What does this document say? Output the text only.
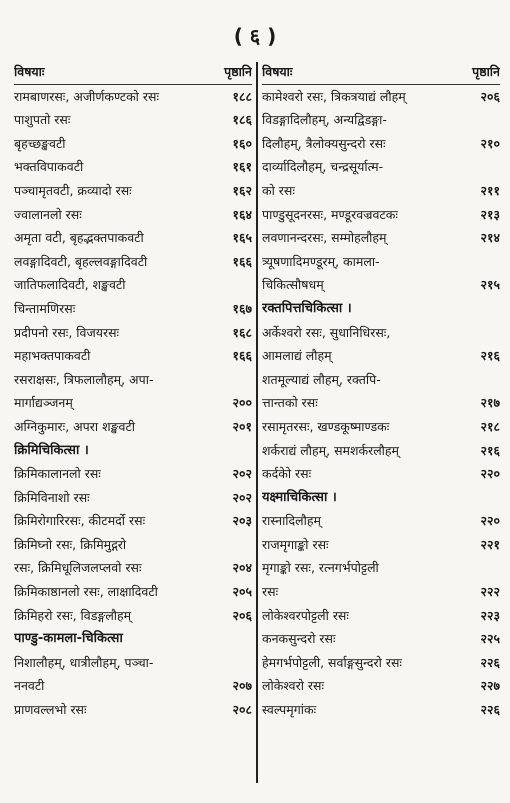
( ६ )
विषयाः	पृष्ठानि
रामबाणरसः, अजीर्णकण्टको रसः	१८८
पाशुपतो रसः	१८६
बृहच्छङ्खवटी	१६०
भक्तविपाकवटी	१६१
पञ्चामृतवटी, क्रव्यादो रसः	१६२
ज्वालानलो रसः	१६४
अमृता वटी, बृहद्भक्तपाकवटी	१६५
लवङ्गादिवटी, बृहल्लवङ्गादिवटी	१६६
जातिफलादिवटी, शङ्खवटी
चिन्तामणिरसः	१६७
प्रदीपनो रसः, विजयरसः	१६८
महाभक्तपाकवटी	१६६
रसराक्षसः, त्रिफलालौहम्, अपा-
मार्गाद्यञ्जनम्	२००
अग्निकुमारः, अपरा शङ्खवटी	२०१
क्रिमिचिकित्सा ।
क्रिमिकालानलो रसः	२०२
क्रिमिविनाशो रसः	२०२
क्रिमिरोगारिरसः, कीटमर्दो रसः	२०३
क्रिमिघ्नो रसः, क्रिमिमुद्गरो
रसः, क्रिमिधूलिजलप्लवो रसः	२०४
क्रिमिकाष्ठानलो रसः, लाक्षादिवटी	२०५
क्रिमिहरो रसः, विडङ्गलौहम्	२०६
पाण्डु-कामला-चिकित्सा
निशालौहम्, धात्रीलौहम्, पञ्चा-
ननवटी	२०७
प्राणवल्लभो रसः	२०८
विषयाः	पृष्ठानि
कामेश्वरो रसः, त्रिकत्रयाद्यं लौहम्	२०६
विडङ्गादिलौहम्, अन्यद्विडङ्गा-
दिलौहम्, त्रैलोक्यसुन्दरो रसः	२१०
दार्व्यादिलौहम्, चन्द्रसूर्यात्म-
को रसः	२११
पाण्डुसूदनरसः, मण्डूरवज्रवटकः	२१३
लवणानन्दरसः, सम्मोहलौहम्	२१४
त्र्यूषणादिमण्डूरम्, कामला-
चिकित्सौषधम्	२१५
रक्तपित्तचिकित्सा ।
अर्केश्वरो रसः, सुधानिधिरसः,
आमलाद्यं लौहम्	२१६
शतमूल्याद्यं लौहम्, रक्तपि-
त्तान्तको रसः	२१७
रसामृतरसः, खण्डकूष्माण्डकः	२१८
शर्कराद्यं लौहम्, समशर्करलौहम्	२१६
कर्दकेो रसः	२२०
यक्ष्माचिकित्सा ।
रास्नादिलौहम्	२२०
राजमृगाङ्को रसः	२२१
मृगाङ्को रसः, रत्नगर्भपोट्टली
रसः	२२२
लोकेश्वरपोट्टली रसः	२२३
कनकसुन्दरो रसः	२२५
हेमगर्भपोट्टली, सर्वाङ्गसुन्दरो रसः	२२६
लोकेश्वरो रसः	२२७
स्वल्पमृगांकः	२२६
